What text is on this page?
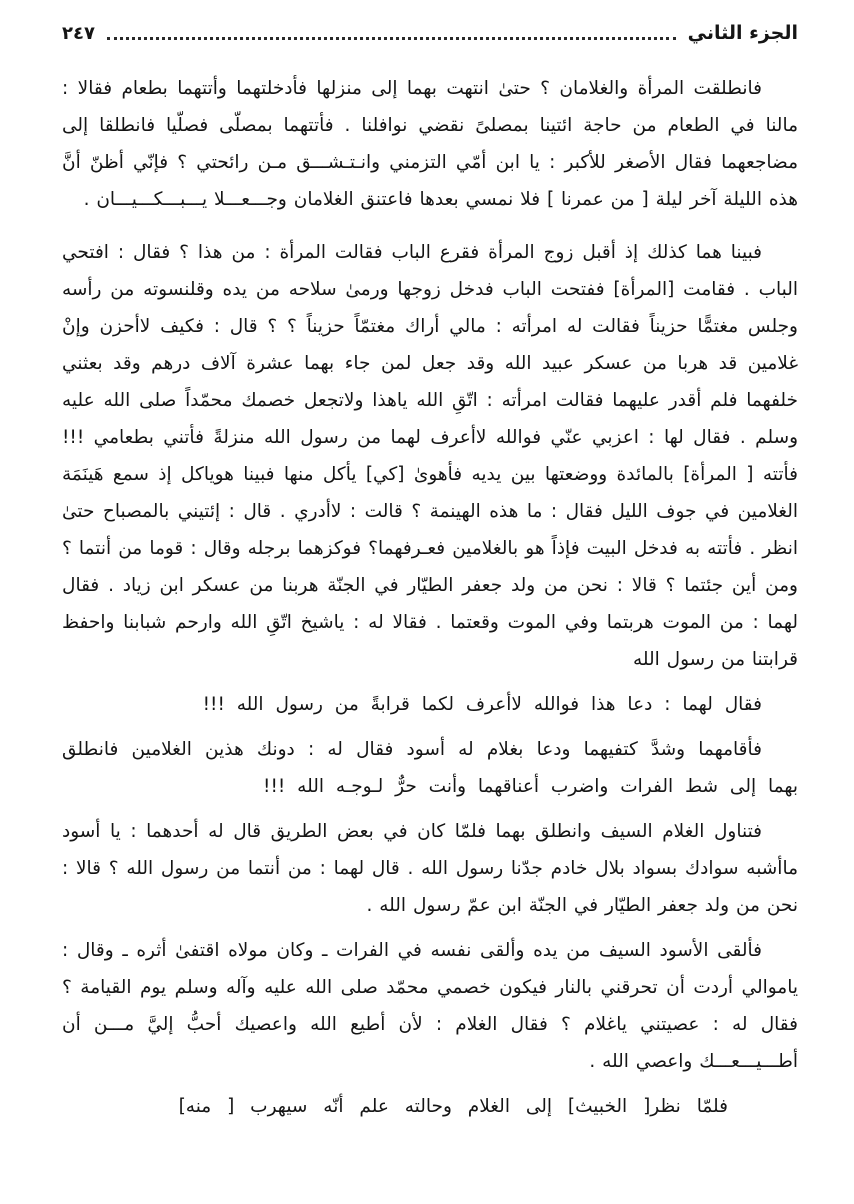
الجزء الثاني
٢٤٧

فانطلقت المرأة والغلامان ؟ حتىٰ انتهت بهما إلى منزلها فأدخلتهما وأتتهما بطعام فقالا : مالنا في الطعام من حاجة ائتينا بمصلىً نقضي نوافلنا . فأتتهما بمصلّى فصلّيا فانطلقا إلى مضاجعهما فقال الأصغر للأكبر : يا ابن أمّي التزمني وانـتـشـــق مـن رائحتي ؟ فإنّي أظنّ أنَّ هذه الليلة آخر ليلة [ من عمرنا ] فلا نمسي بعدها فاعتنق الغلامان وجـــعـــلا يـــبـــكـــيـــان .

فبينا هما كذلك إذ أقبل زوج المرأة فقرع الباب فقالت المرأة : من هذا ؟ فقال : افتحي الباب . فقامت [المرأة] ففتحت الباب فدخل زوجها ورمىٰ سلاحه من يده وقلنسوته من رأسه وجلس مغتمًّا حزيناً فقالت له امرأته : مالي أراك مغتمّاً حزيناً ؟ ؟ قال : فكيف لاأحزن وإنْ غلامين قد هربا من عسكر عبيد الله وقد جعل لمن جاء بهما عشرة آلاف درهم وقد بعثني خلفهما فلم أقدر عليهما فقالت امرأته : اتّقِ الله ياهذا ولاتجعل خصمك محمّداً صلى الله عليه وسلم . فقال لها : اعزبي عنّي فوالله لاأعرف لهما من رسول الله منزلةً فأتني بطعامي !!! فأتته [ المرأة] بالمائدة ووضعتها بين يديه فأهوىٰ [كي] يأكل منها فبينا هوياكل إذ سمع هَينَمَة الغلامين في جوف الليل فقال : ما هذه الهينمة ؟ قالت : لاأدري . قال : إئتيني بالمصباح حتىٰ انظر . فأتته به فدخل البيت فإذاً هو بالغلامين فعـرفهما؟ فوكزهما برجله وقال : قوما من أنتما ؟ ومن أين جئتما ؟ قالا : نحن من ولد جعفر الطيّار في الجنّة هربنا من عسكر ابن زياد . فقال لهما : من الموت هربتما وفي الموت وقعتما . فقالا له : ياشيخ اتّقِ الله وارحم شبابنا واحفظ قرابتنا من رسول الله

فقال لهما : دعا هذا فوالله لاأعرف لكما قرابةً من رسول الله !!!

فأقامهما وشدَّ كتفيهما ودعا بغلام له أسود فقال له : دونك هذين الغلامين فانطلق بهما إلى شط الفرات واضرب أعناقهما وأنت حرٌّ لـوجـه الله !!!

فتناول الغلام السيف وانطلق بهما فلمّا كان في بعض الطريق قال له أحدهما : يا أسود ماأشبه سوادك بسواد بلال خادم جدّنا رسول الله . قال لهما : من أنتما من رسول الله ؟ قالا : نحن من ولد جعفر الطيّار في الجنّة ابن عمّ رسول الله .

فألقى الأسود السيف من يده وألقى نفسه في الفرات ـ وكان مولاه اقتفىٰ أثره ـ وقال : ياموالي أردت أن تحرقني بالنار فيكون خصمي محمّد صلى الله عليه وآله وسلم يوم القيامة ؟ فقال له : عصيتني ياغلام ؟ فقال الغلام : لأن أطيع الله واعصيك أحبُّ إليَّ مـــن أن أطـــيـــعـــك واعصي الله .

فلمّا نظر[ الخبيث] إلى الغلام وحالته علم أنّه سيهرب [ منه]
